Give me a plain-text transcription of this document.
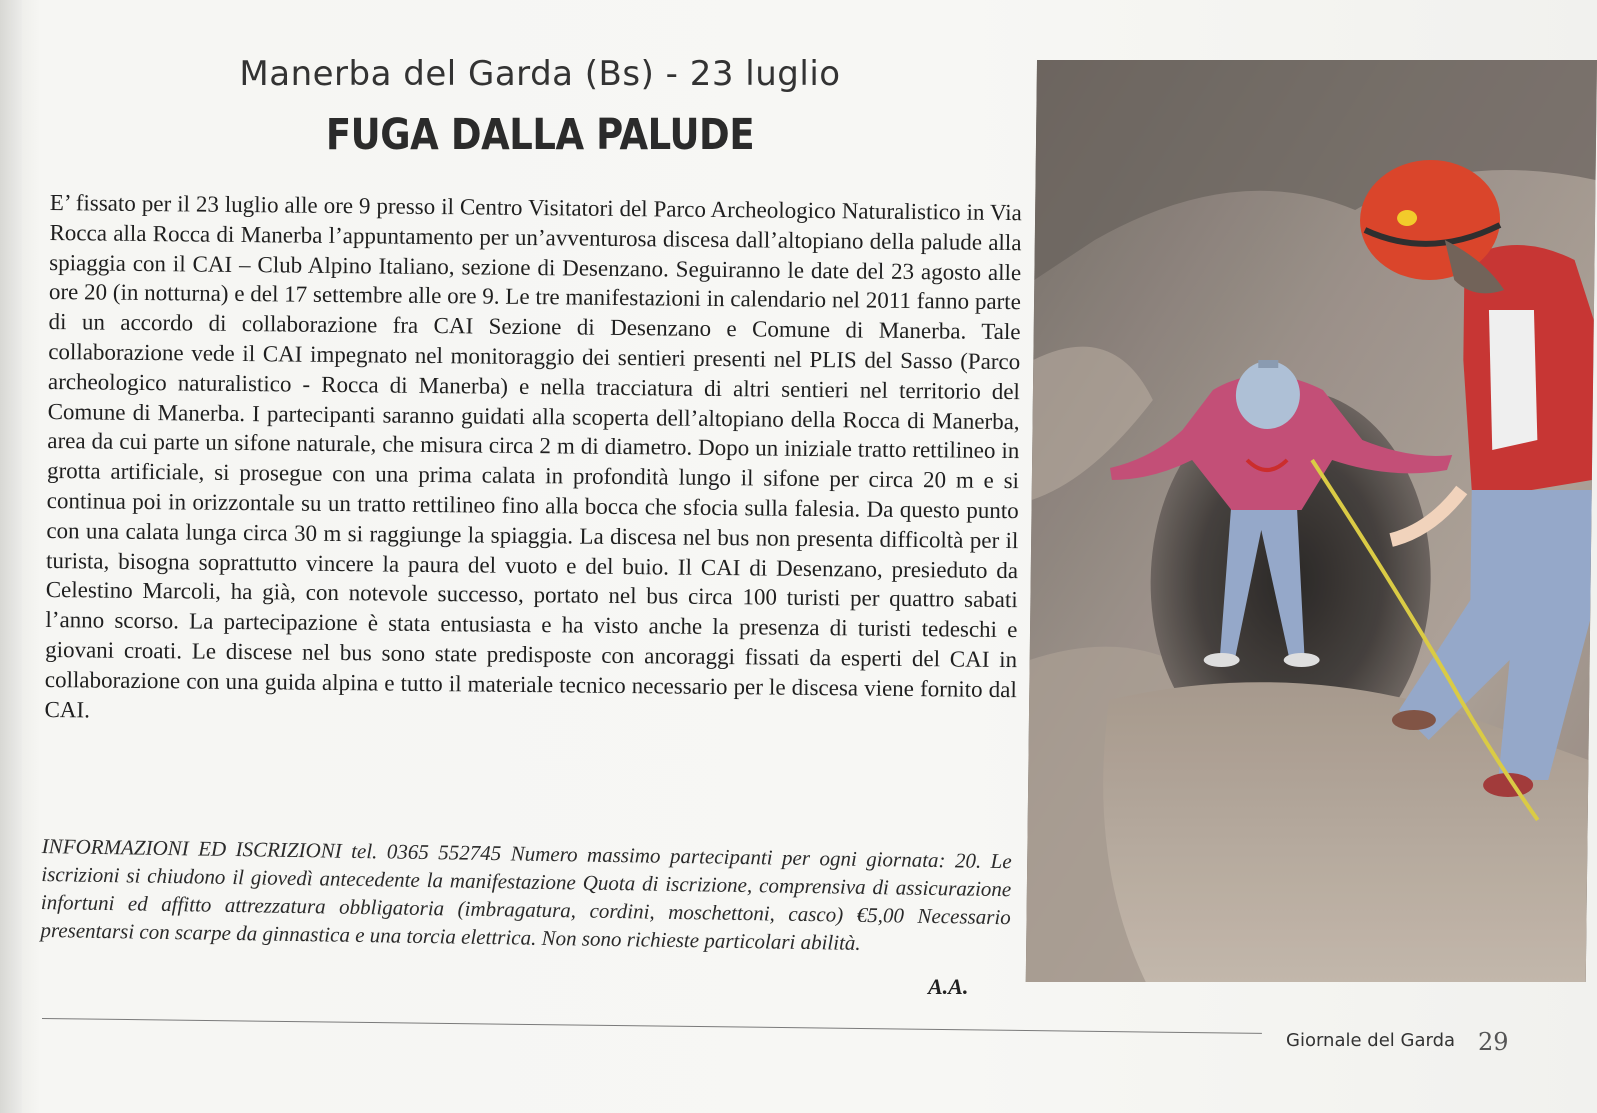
Manerba del Garda (Bs) - 23 luglio
FUGA DALLA PALUDE

E’ fissato per il 23 luglio alle ore 9 presso il Centro Visitatori del Parco Archeologico Naturalistico in Via Rocca alla Rocca di Manerba l’appuntamento per un’avventurosa discesa dall’altopiano della palude alla spiaggia con il CAI – Club Alpino Italiano, sezione di Desenzano. Seguiranno le date del 23 agosto alle ore 20 (in notturna) e del 17 settembre alle ore 9. Le tre manifestazioni in calendario nel 2011 fanno parte di un accordo di collaborazione fra CAI Sezione di Desenzano e Comune di Manerba. Tale collaborazione vede il CAI impegnato nel monitoraggio dei sentieri presenti nel PLIS del Sasso (Parco archeologico naturalistico - Rocca di Manerba) e nella tracciatura di altri sentieri nel territorio del Comune di Manerba. I partecipanti saranno guidati alla scoperta dell’altopiano della Rocca di Manerba, area da cui parte un sifone naturale, che misura circa 2 m di diametro. Dopo un iniziale tratto rettilineo in grotta artificiale, si prosegue con una prima calata in profondità lungo il sifone per circa 20 m e si continua poi in orizzontale su un tratto rettilineo fino alla bocca che sfocia sulla falesia. Da questo punto con una calata lunga circa 30 m si raggiunge la spiaggia. La discesa nel bus non presenta difficoltà per il turista, bisogna soprattutto vincere la paura del vuoto e del buio. Il CAI di Desenzano, presieduto da Celestino Marcoli, ha già, con notevole successo, portato nel bus circa 100 turisti per quattro sabati l’anno scorso. La partecipazione è stata entusiasta e ha visto anche la presenza di turisti tedeschi e giovani croati. Le discese nel bus sono state predisposte con ancoraggi fissati da esperti del CAI in collaborazione con una guida alpina e tutto il materiale tecnico necessario per le discesa viene fornito dal CAI.

INFORMAZIONI ED ISCRIZIONI tel. 0365 552745 Numero massimo partecipanti per ogni giornata: 20. Le iscrizioni si chiudono il giovedì antecedente la manifestazione Quota di iscrizione, comprensiva di assicurazione infortuni ed affitto attrezzatura obbligatoria (imbragatura, cordini, moschettoni, casco) €5,00 Necessario presentarsi con scarpe da ginnastica e una torcia elettrica. Non sono richieste particolari abilità.

A.A.
Giornale del Garda 29
